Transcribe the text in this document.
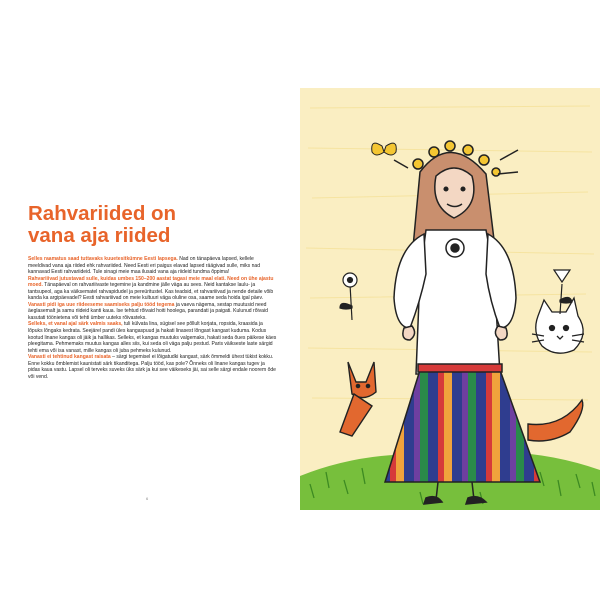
Rahvariided on
vana aja riided

Selles raamatus saad tuttavaks kuuetesitkümne Eesti lapsega. Nad on tänapäeva lapsed, kellele meeldivad vana aja riided ehk rahvariided. Need Eesti eri paigus elavad lapsed räägivad sulle, miks nad kannavad Eesti rahvariideid. Tule sinagi meie maa ilusaid vana aja riideid tundma õppima!

Rahvariiivad jutustavad sulle, kuidas umbes 150–200 aastat tagasi meie maal elati. Need on ühe ajastu moed. Tänapäeval on rahvariiivaste tegemine ja kandmine jälle väga au sees. Neid kantakse laulu- ja tantsupeol, aga ka väiksematel rahvapidudel ja pereüritustel. Kas teadsid, et rahvariiivad ja nende detaile võib kanda ka argipäevadel? Eesti rahvariiivad on meie kultuuri väga oluline osa, saame seda hoida igal päev.

Vanasti pidi iga uue riideeseme saamiseks palju tööd tegema ja vaeva nägema, sestap muutusid need äeglasemalt ja samu riideid kanti kaua. Ise tehtud rõivaid hoiti hoolega, parandati ja paigati. Kulunud rõivaid kasutati töönietena või tehti ümber uuteks rõivasteks.

Selleks, et vanal ajal särk valmis saaks, tuli külvata lina, sügisel see põllult korjata, ropsida, kraasida ja lõpuks lõngaks kedrata. Seejärel pandi üles kangaspuud ja hakati linasest lõngast kangast kuduma. Kodus kootud linane kangas oli jäik ja hallikas. Selleks, et kangas muutuks valgemaks, hakati seda õues päikese käes pleegitama. Pehmemaks muutus kangas alles siis, kui seda oli väga palju pestud. Paris väikseste laste särgid tehti ema või isa vanast, mille kangas oli juba pehmeks kulunud.

Vanasti ei tehtinud kangast raisata – särgi tegemisel ei lõigatudki kangast, särk õmmeldi ühest tükist kokku. Enne kokku õmblemist kaunistati särk tikanditega. Palju tööd, kas pole? Õnneks oli linane kangas tugev ja pidas kaua vastu. Lapsel oli terveks suveks üks särk ja kui see väikeseks jäi, sai selle särgi endale noorem õde või vend.

6
